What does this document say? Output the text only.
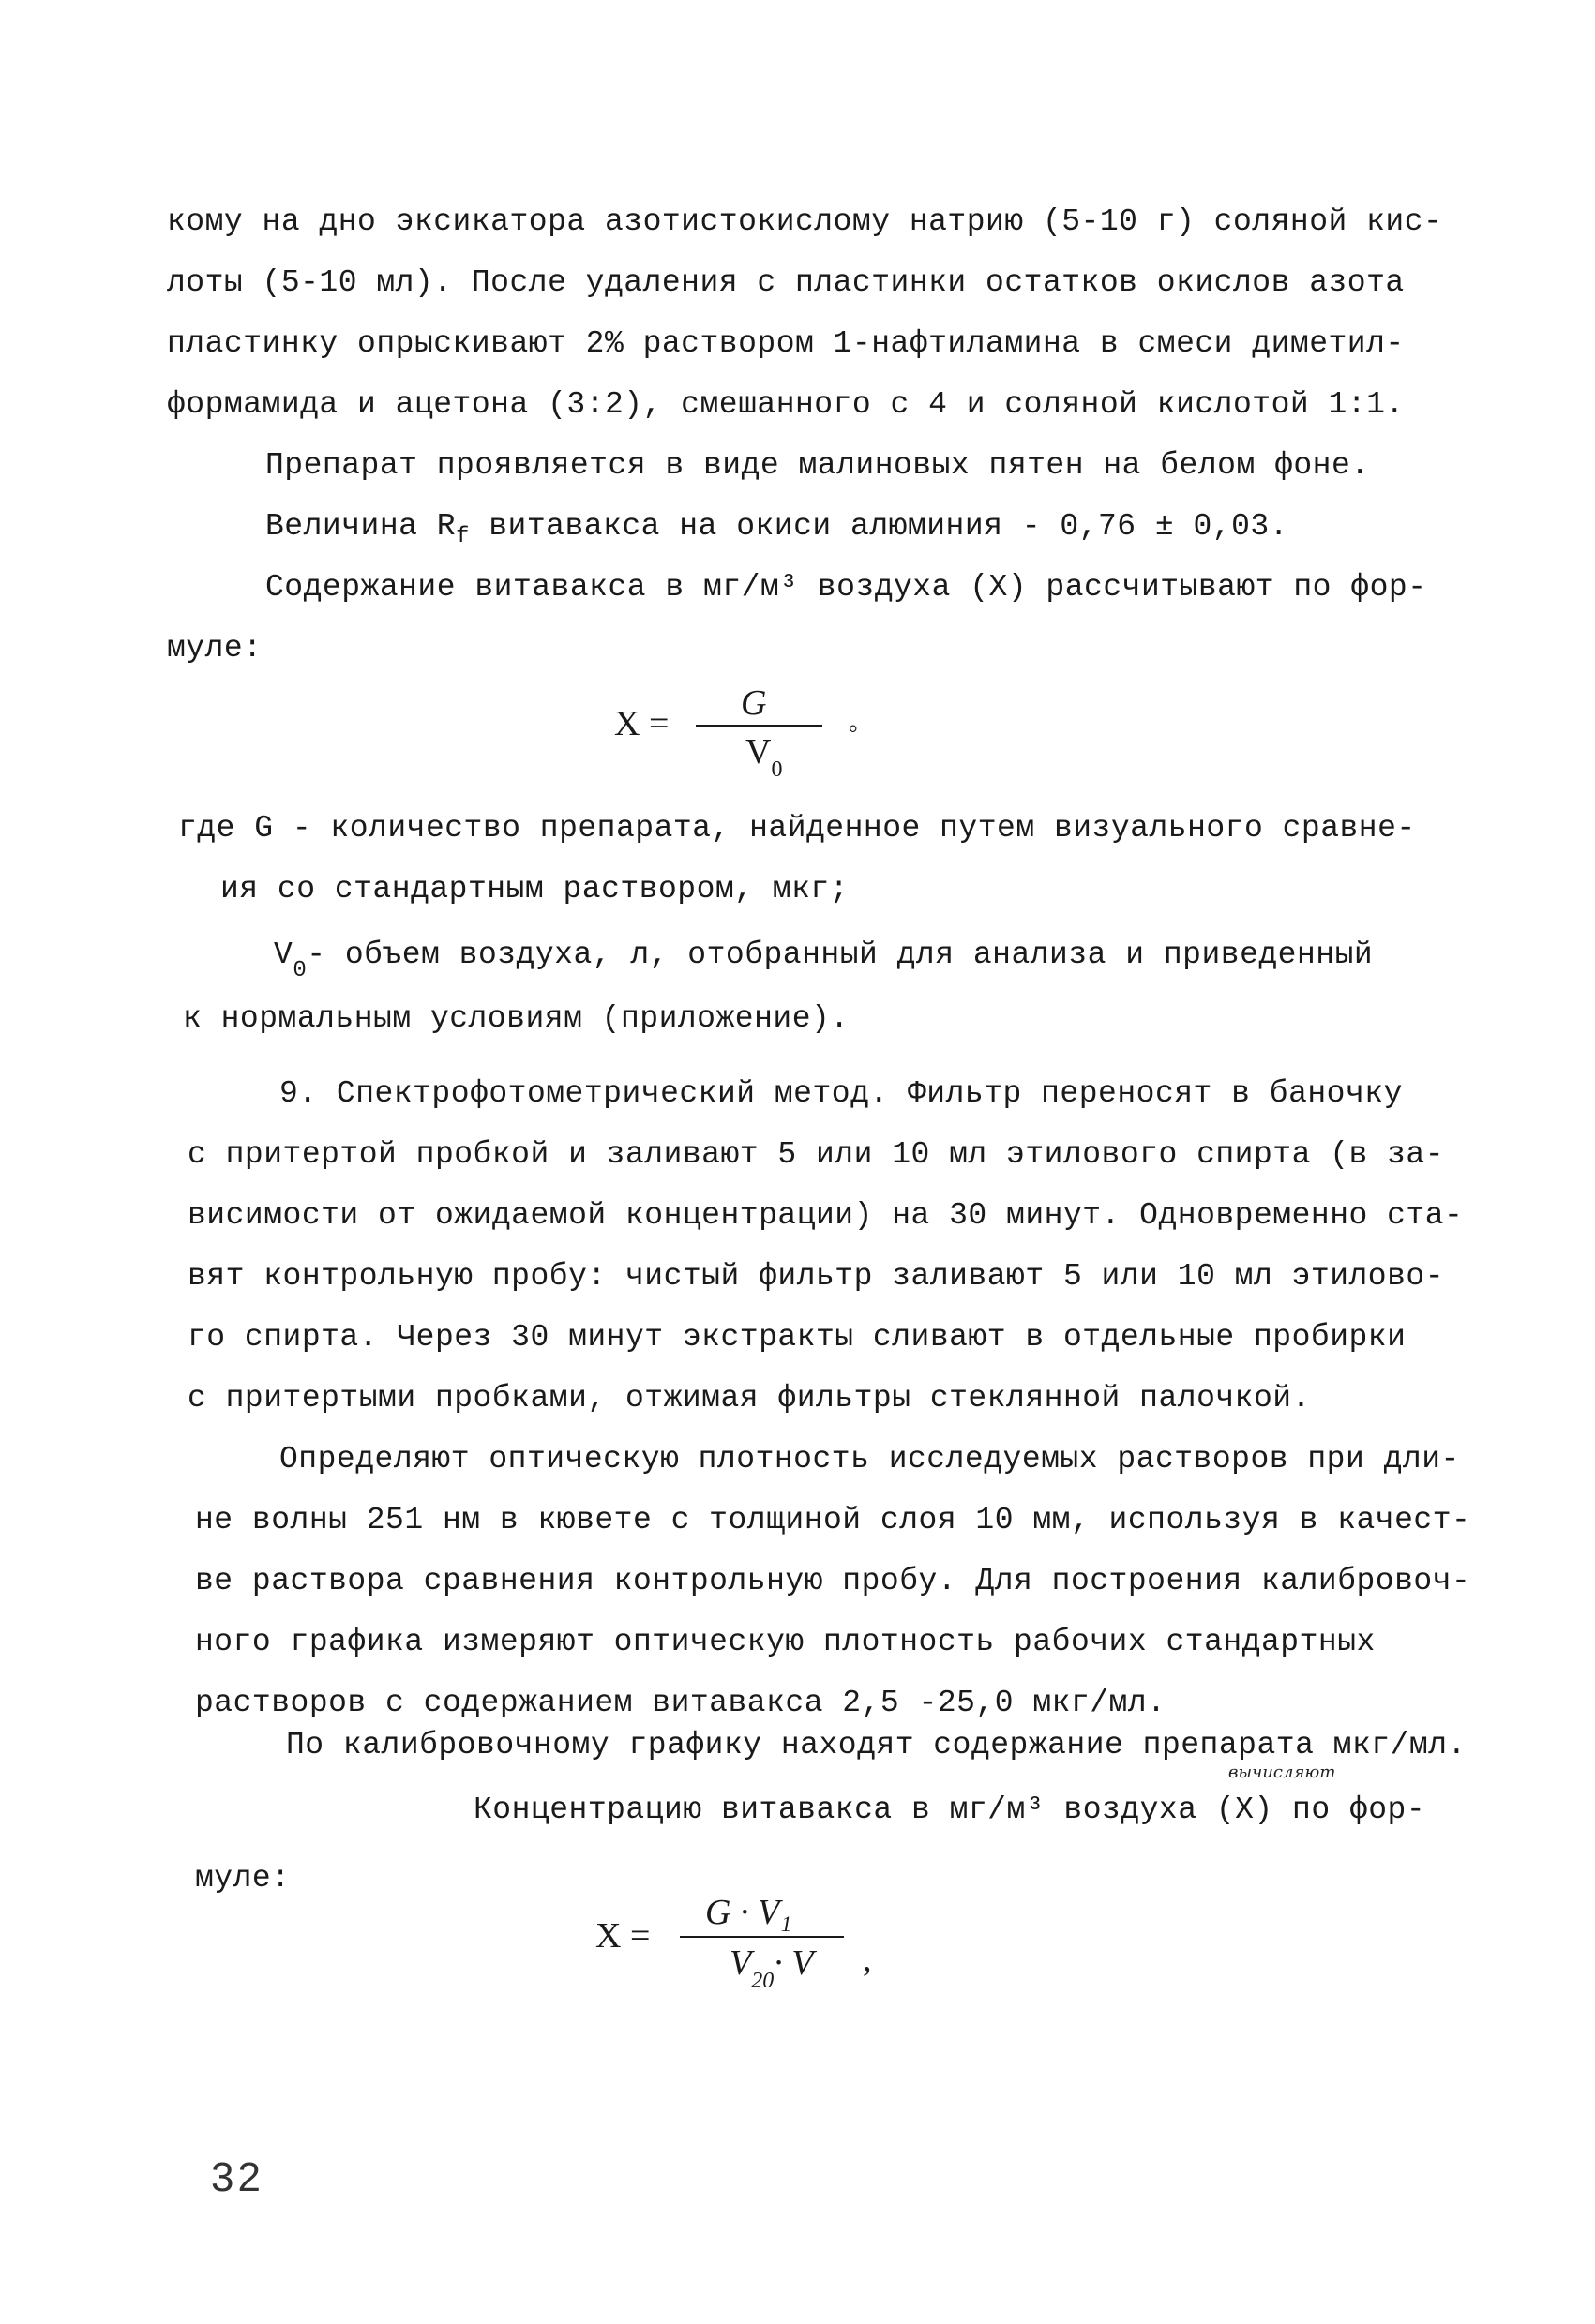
кому на дно эксикатора азотистокислому натрию (5-10 г) соляной кис-
лоты (5-10 мл). После удаления с пластинки остатков окислов азота
пластинку опрыскивают 2% раствором 1-нафтиламина в смеси диметил-
формамида и ацетона (3:2), смешанного с 4 и соляной кислотой 1:1.
Препарат проявляется в виде малиновых пятен на белом фоне.
Величина $R_f$ витавакса на окиси алюминия - 0,76 ± 0,03.
Содержание витавакса в мг/м³ воздуха (X) рассчитывают по фор-
муле:
X =
G
$V_0$
°
где G - количество препарата, найденное путем визуального сравне-
ия со стандартным раствором, мкг;
$V_0-$ объем воздуха, л, отобранный для анализа и приведенный
к нормальным условиям (приложение).
9. Спектрофотометрический метод. Фильтр переносят в баночку
с притертой пробкой и заливают 5 или 10 мл этилового спирта (в за-
висимости от ожидаемой концентрации) на 30 минут. Одновременно ста-
вят контрольную пробу: чистый фильтр заливают 5 или 10 мл этилово-
го спирта. Через 30 минут экстракты сливают в отдельные пробирки
с притертыми пробками, отжимая фильтры стеклянной палочкой.
Определяют оптическую плотность исследуемых растворов при дли-
не волны 251 нм в кювете с толщиной слоя 10 мм, используя в качест-
ве раствора сравнения контрольную пробу. Для построения калибровоч-
ного графика измеряют оптическую плотность рабочих стандартных
растворов с содержанием витавакса 2,5 -25,0 мкг/мл.
По калибровочному графику находят содержание препарата мкг/мл.
вычисляют
Концентрацию витавакса в мг/м³ воздуха (X) по фор-
муле:
X =
G · V₁
$V_{20}\cdot V$ ,
32
